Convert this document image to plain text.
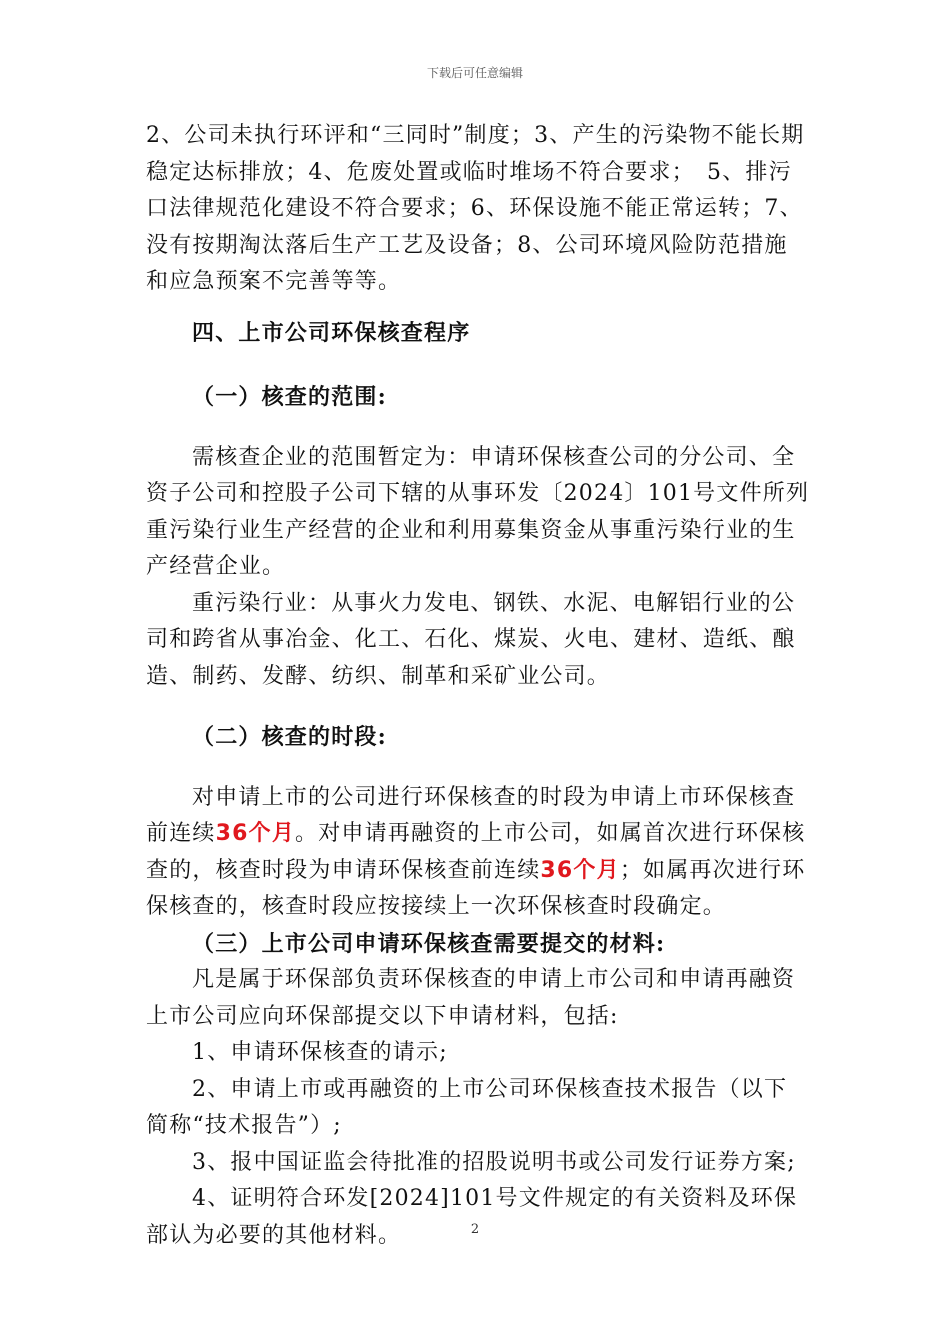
下载后可任意编辑

2、公司未执行环评和“三同时”制度；3、产生的污染物不能长期稳定达标排放；4、危废处置或临时堆场不符合要求；　5、排污口法律规范化建设不符合要求；6、环保设施不能正常运转；7、没有按期淘汰落后生产工艺及设备；8、公司环境风险防范措施和应急预案不完善等等。

四、上市公司环保核查程序

（一）核查的范围:

需核查企业的范围暂定为：申请环保核查公司的分公司、全资子公司和控股子公司下辖的从事环发〔2024〕101号文件所列重污染行业生产经营的企业和利用募集资金从事重污染行业的生产经营企业。

重污染行业：从事火力发电、钢铁、水泥、电解铝行业的公司和跨省从事冶金、化工、石化、煤炭、火电、建材、造纸、酿造、制药、发酵、纺织、制革和采矿业公司。

（二）核查的时段:

对申请上市的公司进行环保核查的时段为申请上市环保核查前连续36个月。对申请再融资的上市公司，如属首次进行环保核查的，核查时段为申请环保核查前连续36个月；如属再次进行环保核查的，核查时段应按接续上一次环保核查时段确定。

（三）上市公司申请环保核查需要提交的材料:

凡是属于环保部负责环保核查的申请上市公司和申请再融资上市公司应向环保部提交以下申请材料，包括:

1、申请环保核查的请示;

2、申请上市或再融资的上市公司环保核查技术报告（以下简称“技术报告”）;

3、报中国证监会待批准的招股说明书或公司发行证券方案;

4、证明符合环发[2024]101号文件规定的有关资料及环保部认为必要的其他材料。	2
